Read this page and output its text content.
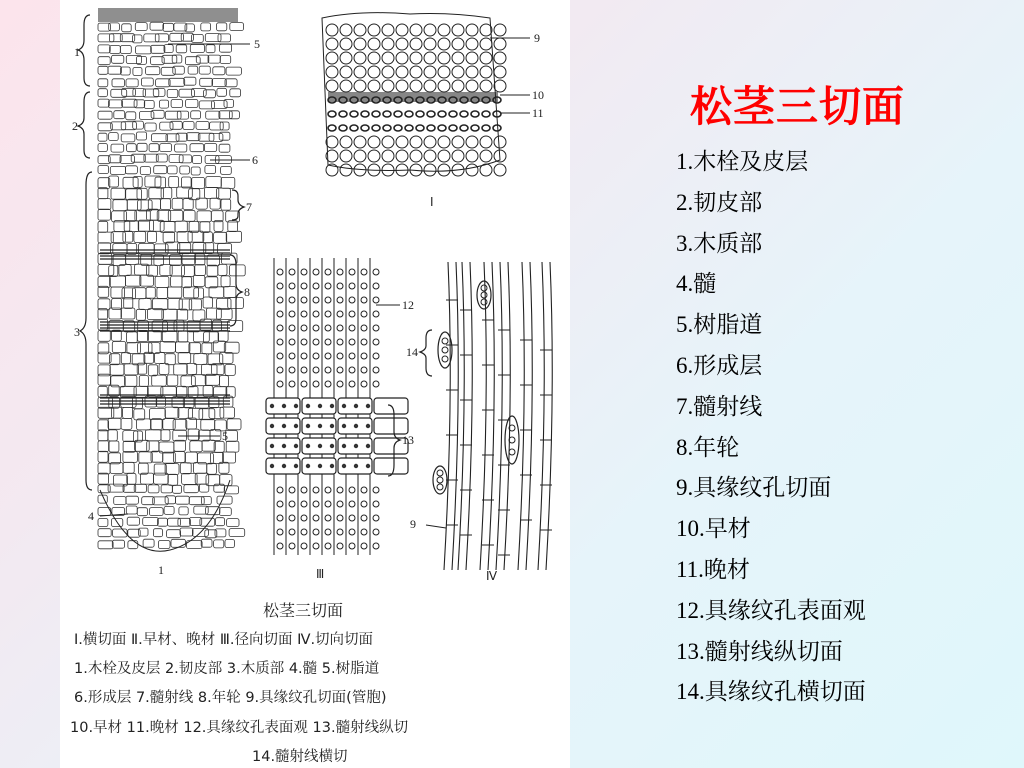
1
2
3
4
5
5
6
7
8
9
10
11
12
13
14
9
1
Ⅰ
Ⅲ	Ⅳ
松茎三切面
Ⅰ.横切面 Ⅱ.早材、晚材 Ⅲ.径向切面 Ⅳ.切向切面
1.木栓及皮层 2.韧皮部 3.木质部 4.髓 5.树脂道
6.形成层 7.髓射线 8.年轮 9.具缘纹孔切面(管胞)
10.早材 11.晚材 12.具缘纹孔表面观 13.髓射线纵切
14.髓射线横切
松茎三切面
1.木栓及皮层
2.韧皮部
3.木质部
4.髓
5.树脂道
6.形成层
7.髓射线
8.年轮
9.具缘纹孔切面
10.早材
11.晚材
12.具缘纹孔表面观
13.髓射线纵切面
14.具缘纹孔横切面
